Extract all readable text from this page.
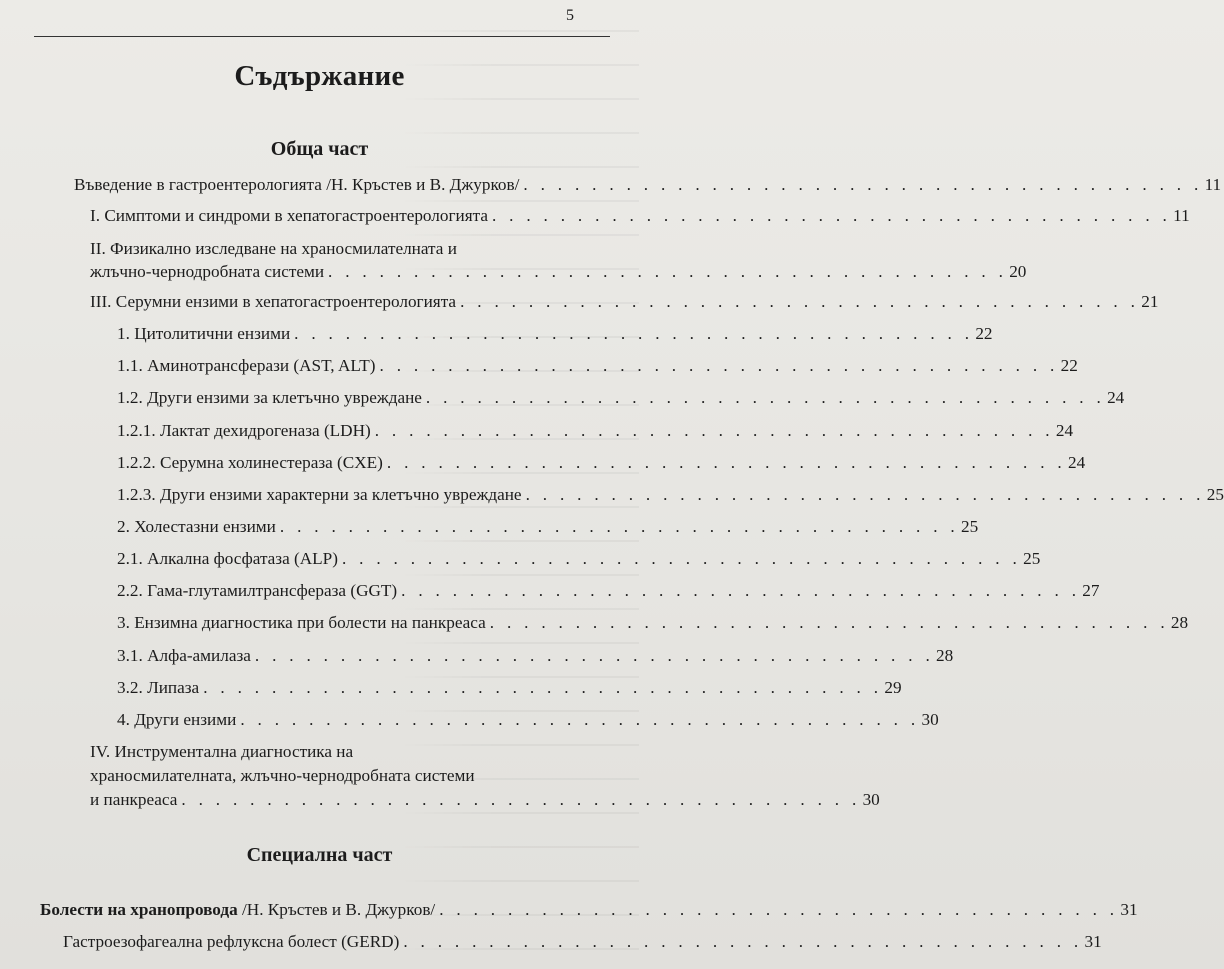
5
Съдържание
Обща част
Въведение в гастроентерологията /Н. Кръстев и В. Джурков/ . . . . . . . . . . . . . . . . . . . . . . . . . . . . . . . . . . . . . . . . 11
I. Симптоми и синдроми в хепатогастроентерологията . . . . . . . . . . . . . . . . . . . . . . . . . . . . . . . . . . . . . . . . 11
II. Физикално изследване на храносмилателната и
жлъчно-чернодробната системи . . . . . . . . . . . . . . . . . . . . . . . . . . . . . . . . . . . . . . . . 20
III. Серумни ензими в хепатогастроентерологията . . . . . . . . . . . . . . . . . . . . . . . . . . . . . . . . . . . . . . . . 21
1. Цитолитични ензими . . . . . . . . . . . . . . . . . . . . . . . . . . . . . . . . . . . . . . . . 22
1.1. Аминотрансферази (AST, ALT) . . . . . . . . . . . . . . . . . . . . . . . . . . . . . . . . . . . . . . . . 22
1.2. Други ензими за клетъчно увреждане . . . . . . . . . . . . . . . . . . . . . . . . . . . . . . . . . . . . . . . . 24
1.2.1. Лактат дехидрогеназа (LDH) . . . . . . . . . . . . . . . . . . . . . . . . . . . . . . . . . . . . . . . . 24
1.2.2. Серумна холинестераза (CXE) . . . . . . . . . . . . . . . . . . . . . . . . . . . . . . . . . . . . . . . . 24
1.2.3. Други ензими характерни за клетъчно увреждане . . . . . . . . . . . . . . . . . . . . . . . . . . . . . . . . . . . . . . . . 25
2. Холестазни ензими . . . . . . . . . . . . . . . . . . . . . . . . . . . . . . . . . . . . . . . . 25
2.1. Алкална фосфатаза (ALP) . . . . . . . . . . . . . . . . . . . . . . . . . . . . . . . . . . . . . . . . 25
2.2. Гама-глутамилтрансфераза (GGT) . . . . . . . . . . . . . . . . . . . . . . . . . . . . . . . . . . . . . . . . 27
3. Ензимна диагностика при болести на панкреаса . . . . . . . . . . . . . . . . . . . . . . . . . . . . . . . . . . . . . . . . 28
3.1. Алфа-амилаза . . . . . . . . . . . . . . . . . . . . . . . . . . . . . . . . . . . . . . . . 28
3.2. Липаза . . . . . . . . . . . . . . . . . . . . . . . . . . . . . . . . . . . . . . . . 29
4. Други ензими . . . . . . . . . . . . . . . . . . . . . . . . . . . . . . . . . . . . . . . . 30
IV. Инструментална диагностика на
храносмилателната, жлъчно-чернодробната системи
и панкреаса . . . . . . . . . . . . . . . . . . . . . . . . . . . . . . . . . . . . . . . . 30
Специална част
Болести на хранопровода /Н. Кръстев и В. Джурков/ . . . . . . . . . . . . . . . . . . . . . . . . . . . . . . . . . . . . . . . . 31
Гастроезофагеална рефлуксна болест (GERD) . . . . . . . . . . . . . . . . . . . . . . . . . . . . . . . . . . . . . . . . 31
